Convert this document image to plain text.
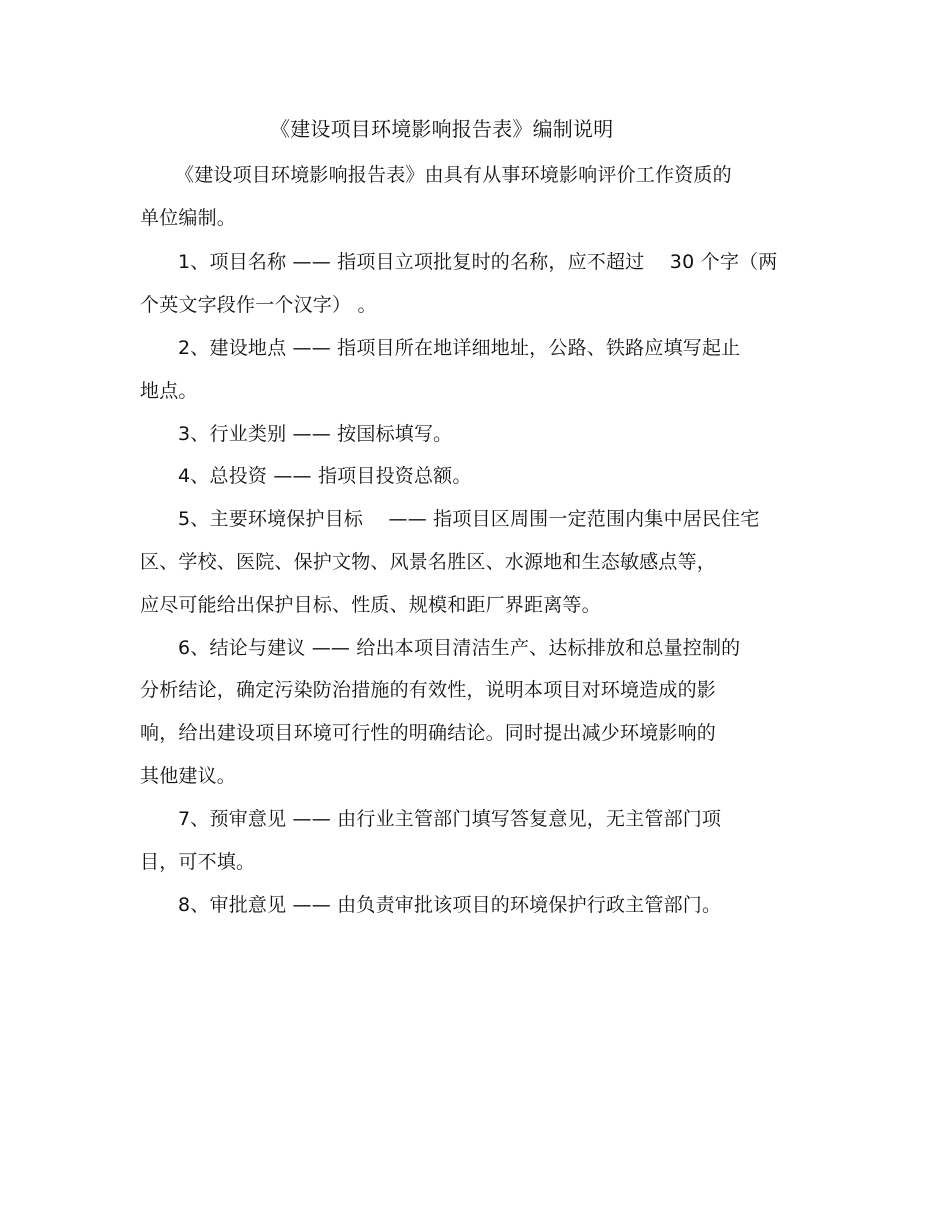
《建设项目环境影响报告表》编制说明
《建设项目环境影响报告表》由具有从事环境影响评价工作资质的
单位编制。
1、项目名称 —— 指项目立项批复时的名称，应不超过　 30 个字（两
个英文字段作一个汉字） 。
2、建设地点 —— 指项目所在地详细地址，公路、铁路应填写起止
地点。
3、行业类别 —— 按国标填写。
4、总投资 —— 指项目投资总额。
5、主要环境保护目标　 —— 指项目区周围一定范围内集中居民住宅
区、学校、医院、保护文物、风景名胜区、水源地和生态敏感点等，
应尽可能给出保护目标、性质、规模和距厂界距离等。
6、结论与建议 —— 给出本项目清洁生产、达标排放和总量控制的
分析结论，确定污染防治措施的有效性，说明本项目对环境造成的影
响，给出建设项目环境可行性的明确结论。同时提出减少环境影响的
其他建议。
7、预审意见 —— 由行业主管部门填写答复意见，无主管部门项
目，可不填。
8、审批意见 —— 由负责审批该项目的环境保护行政主管部门。
